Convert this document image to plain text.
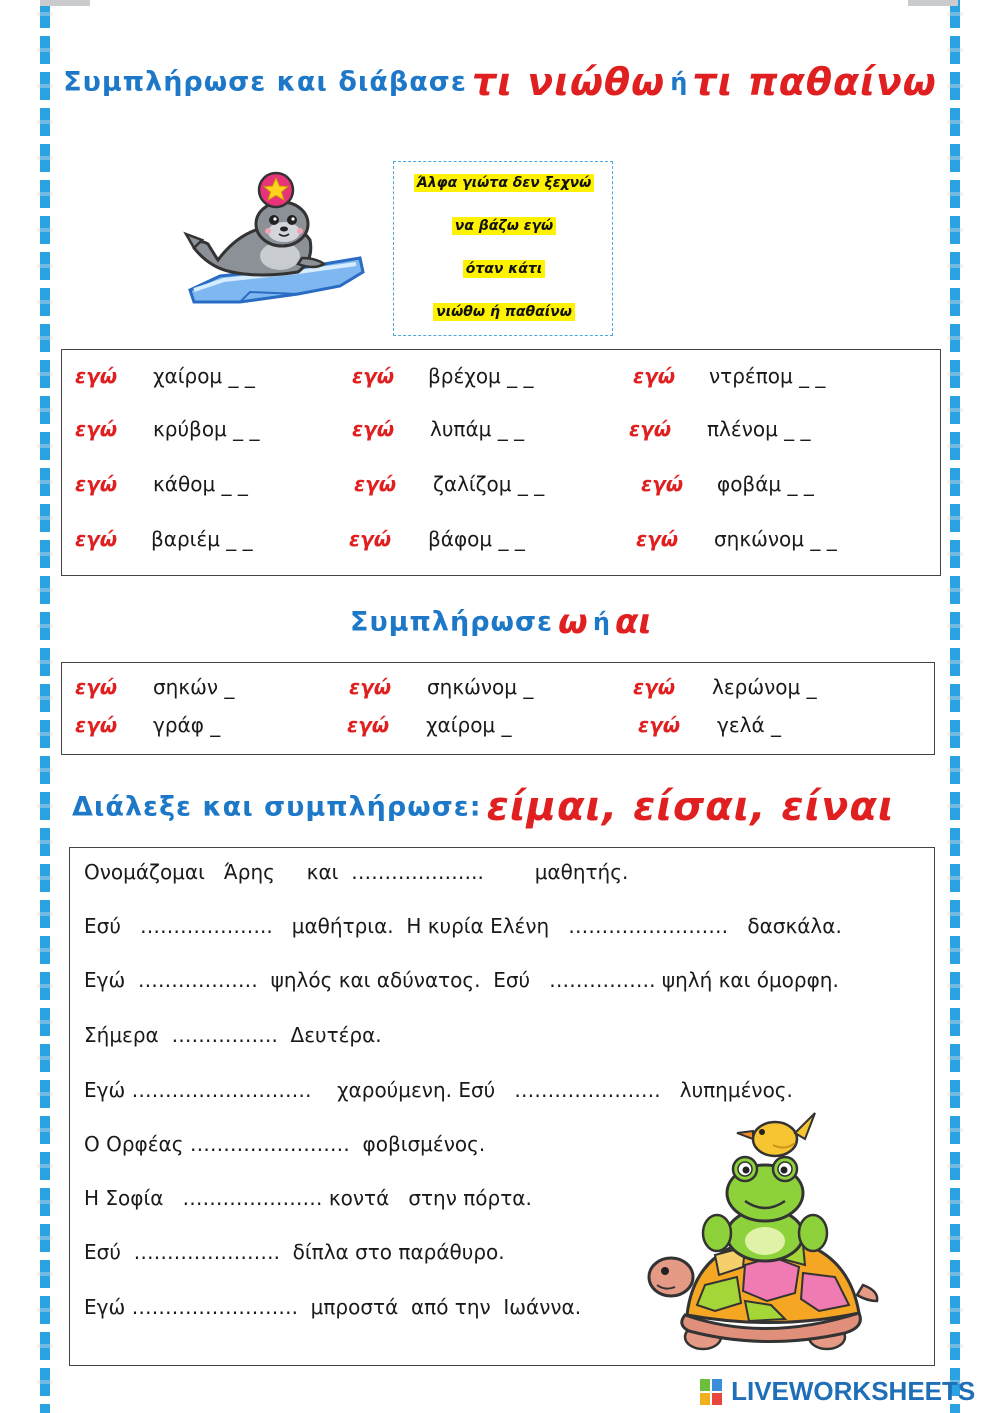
Συμπλήρωσε και διάβασε τι νιώθω ή τι παθαίνω
Άλφα γιώτα δεν ξεχνώ
να βάζω εγώ
όταν κάτι
νιώθω ή παθαίνω
εγώ χαίρομ _ _	εγώ βρέχομ _ _	εγώ ντρέπομ _ _
εγώ κρύβομ _ _	εγώ λυπάμ _ _	εγώ πλένομ _ _
εγώ κάθομ _ _	εγώ ζαλίζομ _ _	εγώ φοβάμ _ _
εγώ βαριέμ _ _	εγώ βάφομ _ _	εγώ σηκώνομ _ _
Συμπλήρωσε ω ή αι
εγώ σηκών _	εγώ σηκώνομ _	εγώ λερώνομ _
εγώ γράφ _	εγώ χαίρομ _	εγώ γελά _
Διάλεξε και συμπλήρωσε: είμαι, είσαι, είναι
Ονομάζομαι   Άρης     και  ………………..        μαθητής.
Εσύ   ………………..   μαθήτρια.  Η κυρία Ελένη   ……………………   δασκάλα.
Εγώ  ………………  ψηλός και αδύνατος.  Εσύ   ……………. ψηλή και όμορφη.
Σήμερα  …………….  Δευτέρα.
Εγώ ………………………    χαρούμενη. Εσύ   ………………….   λυπημένος.
Ο Ορφέας ……………………  φοβισμένος.
Η Σοφία   ………………… κοντά   στην πόρτα.
Εσύ  ………………….  δίπλα στο παράθυρο.
Εγώ …………………….  μπροστά  από την  Ιωάννα.
LIVEWORKSHEETS
